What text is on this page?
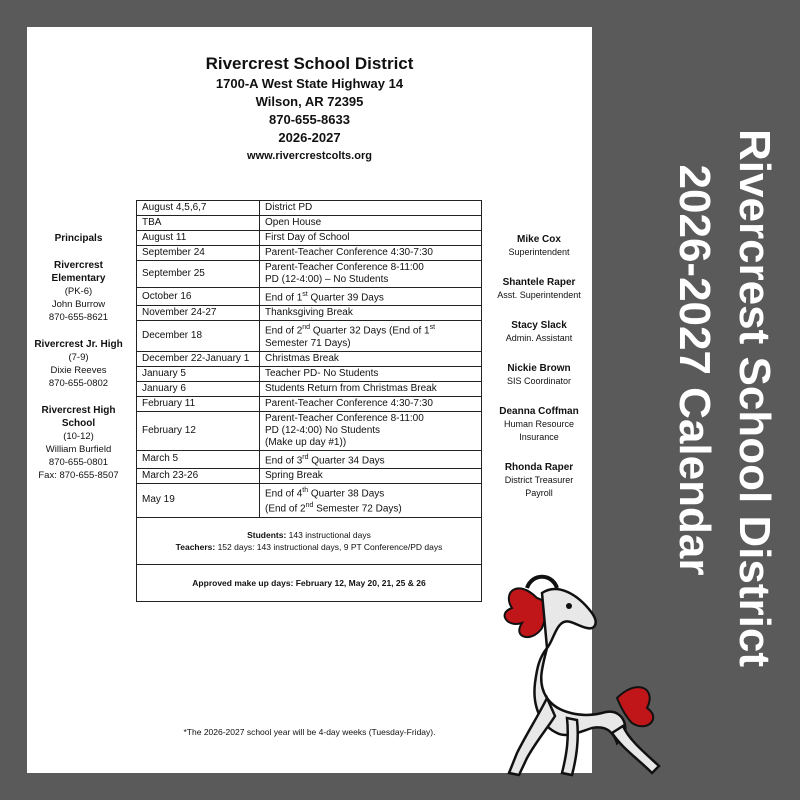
Rivercrest School District
1700-A West State Highway 14
Wilson, AR 72395
870-655-8633
2026-2027
www.rivercrestcolts.org
Principals
Rivercrest
Elementary
(PK-6)
John Burrow
870-655-8621
Rivercrest Jr. High
(7-9)
Dixie Reeves
870-655-0802
Rivercrest High
School
(10-12)
William Burfield
870-655-0801
Fax: 870-655-8507
August 4,5,6,7	District PD
TBA	Open House
August 11	First Day of School
September 24	Parent-Teacher Conference 4:30-7:30
September 25	Parent-Teacher Conference 8-11:00
PD (12-4:00) – No Students

October 16	End of 1st Quarter 39 Days
November 24-27	Thanksgiving Break
December 18	End of 2nd Quarter 32 Days (End of 1st
Semester 71 Days)
December 22-January 1	Christmas Break
January 5	Teacher PD- No Students
January 6	Students Return from Christmas Break
February 11	Parent-Teacher Conference 4:30-7:30
February 12	Parent-Teacher Conference 8-11:00
PD (12-4:00) No Students
(Make up day #1))

March 5	End of 3rd Quarter 34 Days
March 23-26	Spring Break
May 19	End of 4th Quarter 38 Days
(End of 2nd Semester 72 Days)

Students: 143 instructional days
Teachers: 152 days: 143 instructional days, 9 PT Conference/PD days	

Approved make up days: February 12, May 20, 21, 25 & 26	
Mike Cox
Superintendent
Shantele Raper
Asst. Superintendent
Stacy Slack
Admin. Assistant
Nickie Brown
SIS Coordinator
Deanna Coffman
Human Resource
Insurance
Rhonda Raper
District Treasurer
Payroll
*The 2026-2027 school year will be 4-day weeks (Tuesday-Friday).
Rivercrest School District
2026-2027 Calendar
